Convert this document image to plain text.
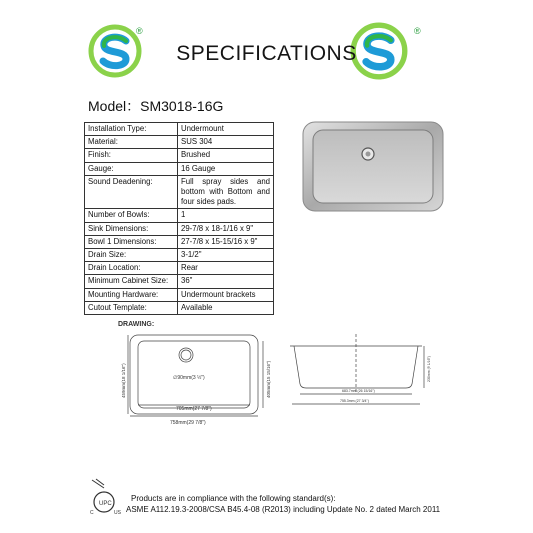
®	®
SPECIFICATIONS
Model：SM3018-16G
Installation Type:	Undermount
Material:	SUS 304
Finish:	Brushed
Gauge:	16 Gauge
Sound Deadening:	Full spray sides and bottom with Bottom and four sides pads.
Number of Bowls:	1
Sink Dimensions:	29-7/8 x 18-1/16 x 9"
Bowl 1 Dimensions:	27-7/8 x 15-15/16 x 9"
Drain Size:	3-1/2"
Drain Location:	Rear
Minimum Cabinet Size:	36"
Mounting Hardware:	Undermount brackets
Cutout Template:	Available
DRAWING:
∅90mm(3 ½")
459mm(18 1/16")	405mm(15 15/16")
705mm(27 7/8")
758mm(29 7/8")
230mm (9 1/16")
683.7mm (26 15/16")
755.3mm (27 3/4")
UPC
C	US
Products are in compliance with the following standard(s):
ASME A112.19.3-2008/CSA B45.4-08 (R2013) including Update No. 2 dated March 2011
